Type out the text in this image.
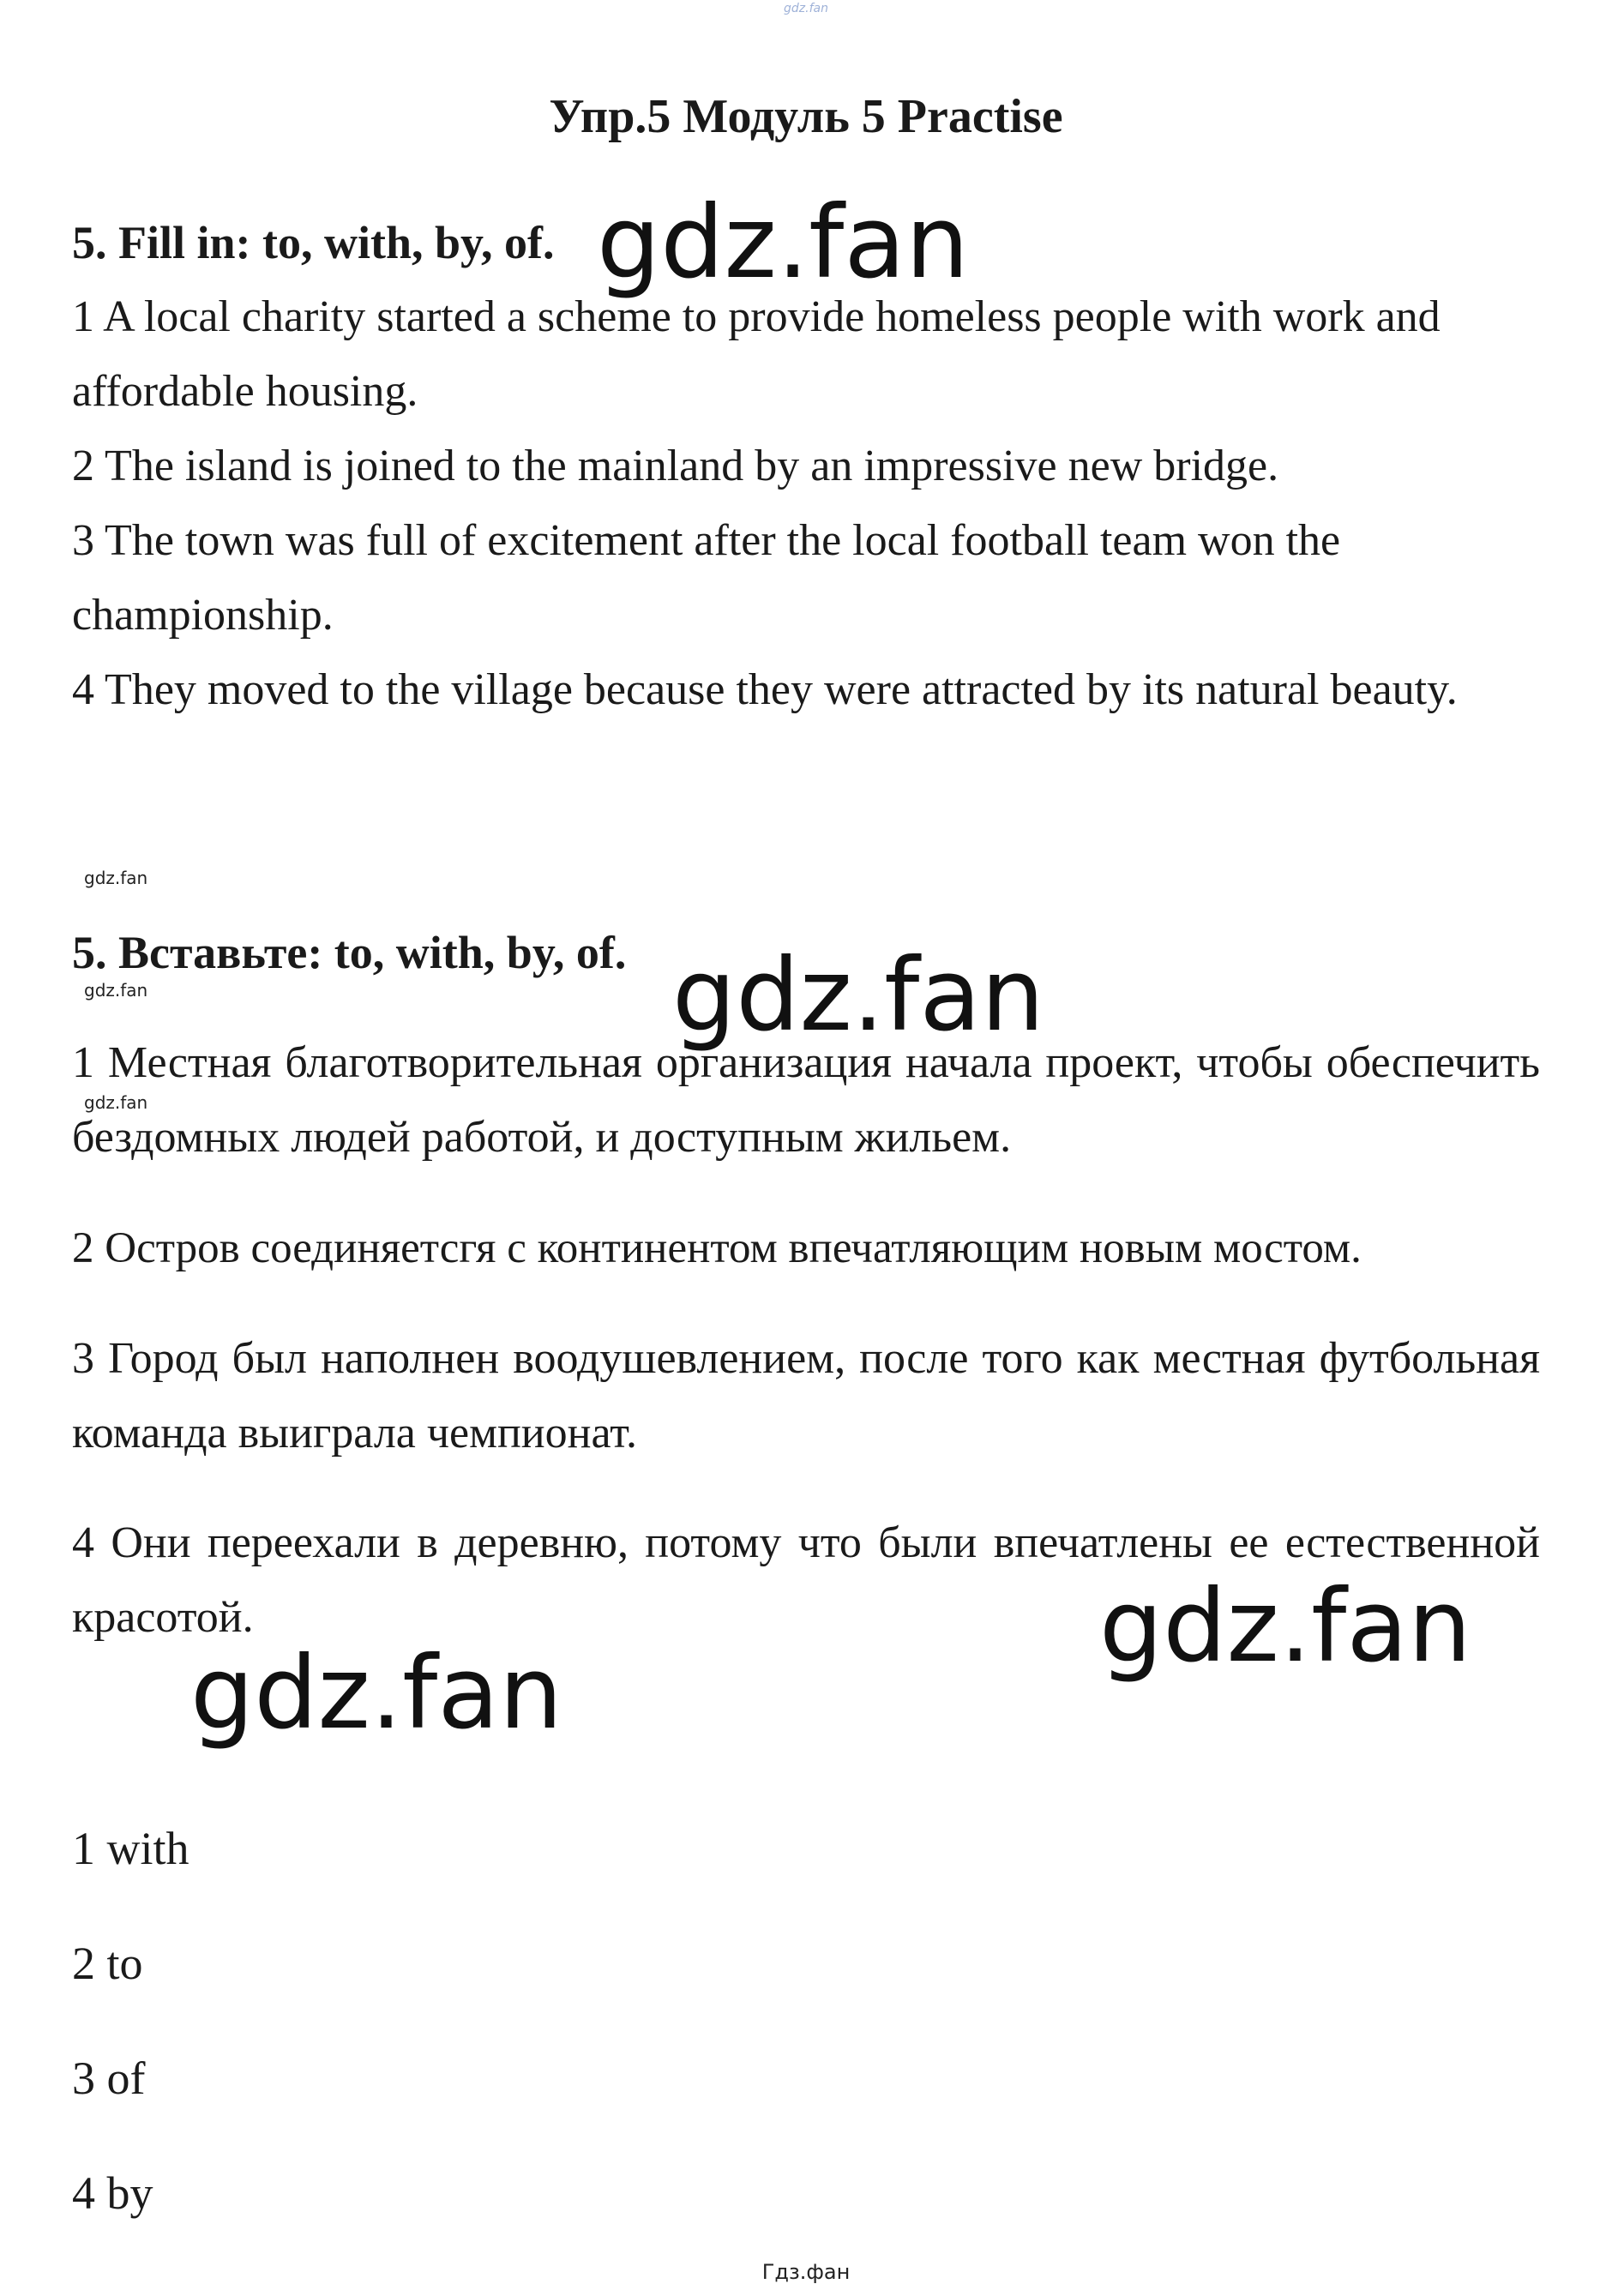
gdz.fan
Упр.5 Модуль 5 Practise
5. Fill in: to, with, by, of. gdz.fan

1 A local charity started a scheme to provide homeless people with work and affordable housing.

2 The island is joined to the mainland by an impressive new bridge.

3 The town was full of excitement after the local football team won the championship.

4 They moved to the village because they were attracted by its natural beauty.

gdz.fan
5. Вставьте: to, with, by, of.
gdz.fan	gdz.fan

1 Местная благотворительная организация начала проект, чтобы обеспечить бездомных людей работой, и доступным жильем.

gdz.fan

2 Остров соединяетсгя с континентом впечатляющим новым мостом.

3 Город был наполнен воодушевлением, после того как местная футбольная команда выиграла чемпионат.

4 Они переехали в деревню, потому что были впечатлены ее естественной красотой.	gdz.fan
gdz.fan
1 with
2 to
3 of
4 by
Гдз.фан
